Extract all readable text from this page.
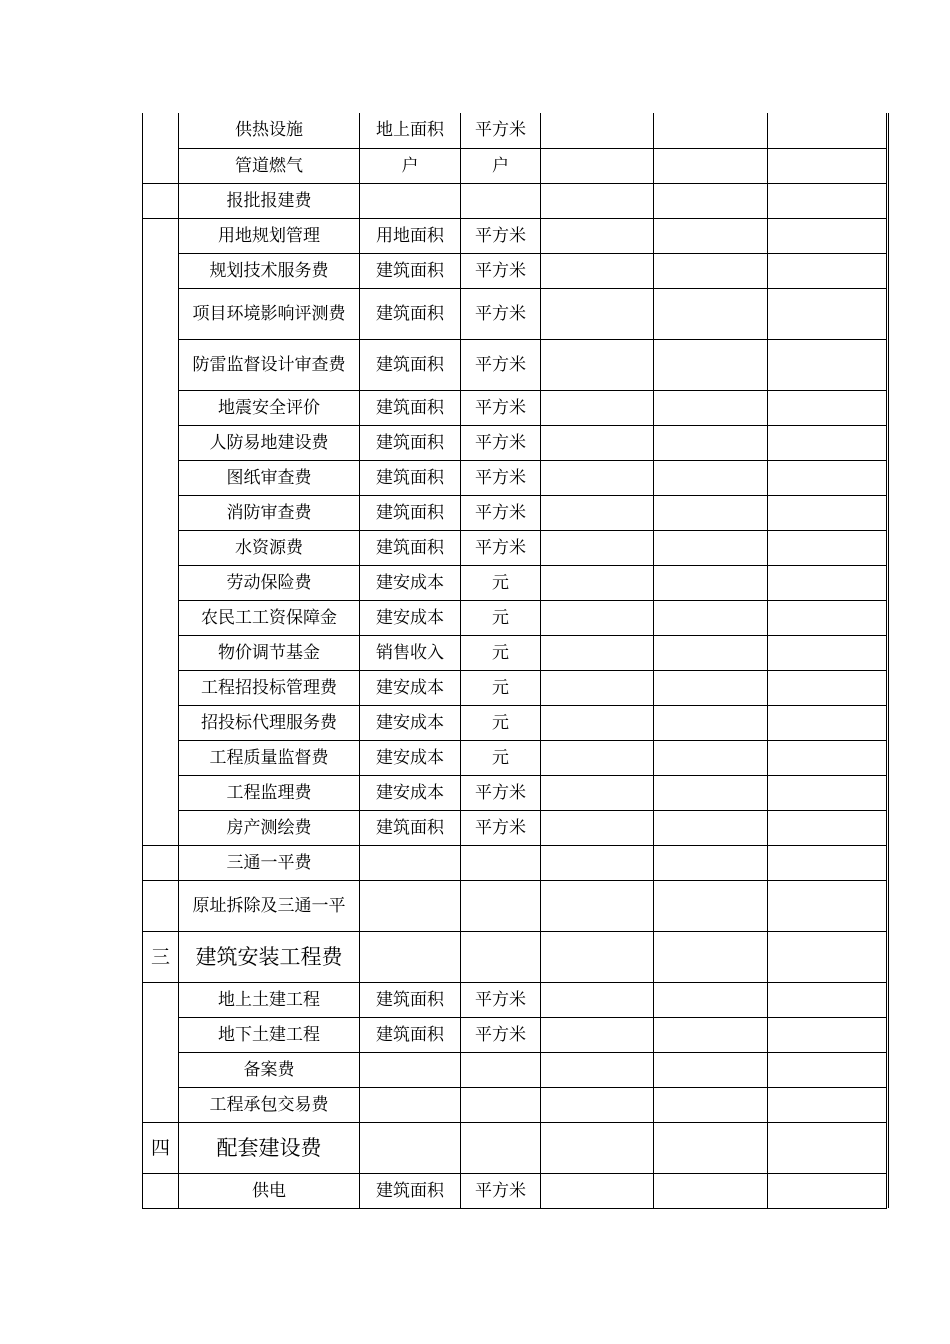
	供热设施	地上面积	平方米			
	管道燃气	户	户			
	报批报建费					
	用地规划管理	用地面积	平方米			
	规划技术服务费	建筑面积	平方米			
	项目环境影响评测费	建筑面积	平方米			
	防雷监督设计审查费	建筑面积	平方米			
	地震安全评价	建筑面积	平方米			
	人防易地建设费	建筑面积	平方米			
	图纸审查费	建筑面积	平方米			
	消防审查费	建筑面积	平方米			
	水资源费	建筑面积	平方米			
	劳动保险费	建安成本	元			
	农民工工资保障金	建安成本	元			
	物价调节基金	销售收入	元			
	工程招投标管理费	建安成本	元			
	招投标代理服务费	建安成本	元			
	工程质量监督费	建安成本	元			
	工程监理费	建安成本	平方米			
	房产测绘费	建筑面积	平方米			
	三通一平费					
	原址拆除及三通一平					
三	建筑安装工程费					
	地上土建工程	建筑面积	平方米			
	地下土建工程	建筑面积	平方米			
	备案费					
	工程承包交易费					
四	配套建设费					
	供电	建筑面积	平方米			
